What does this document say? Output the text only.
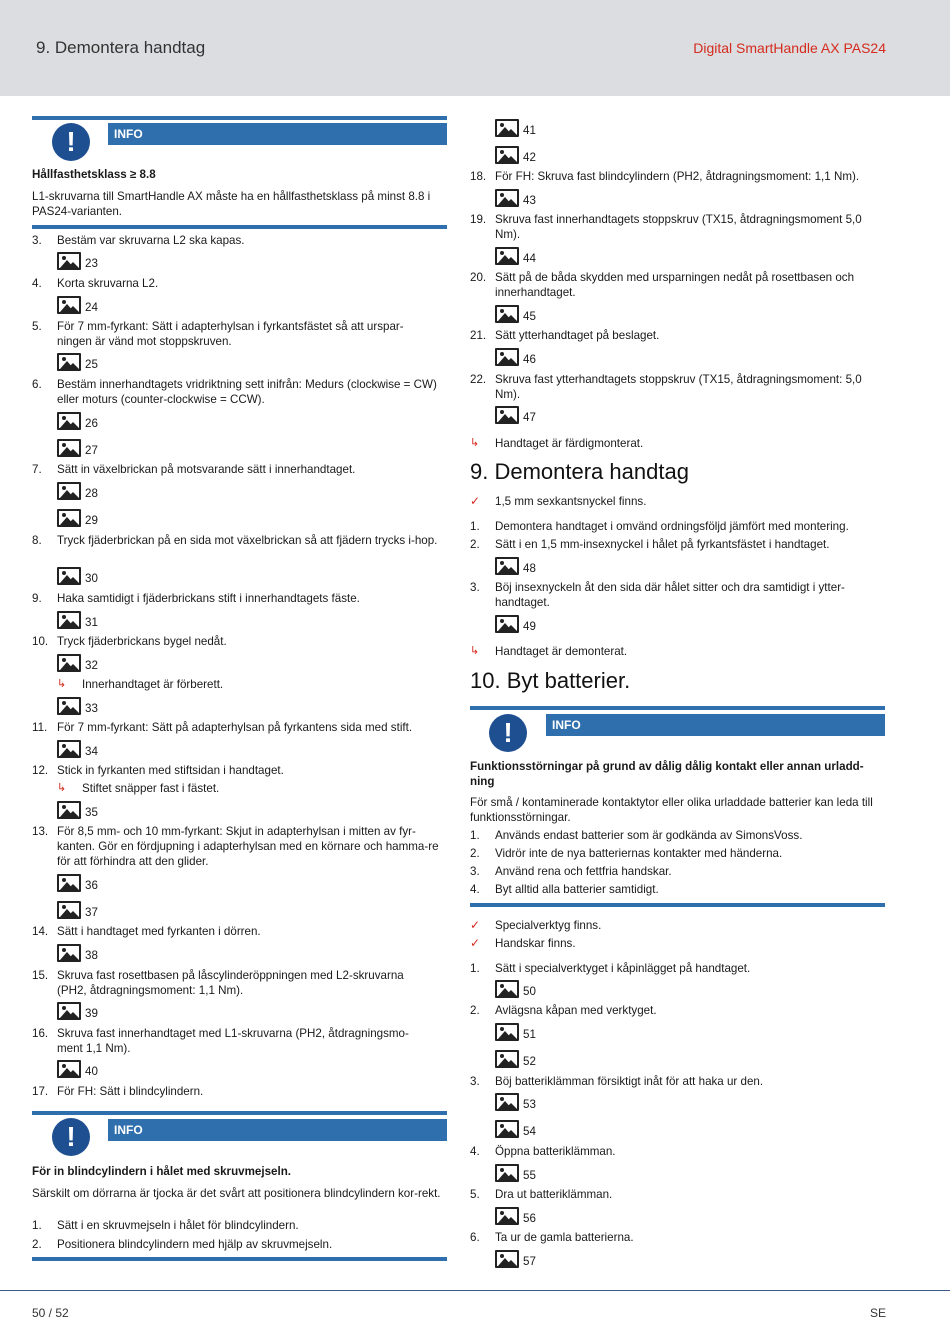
9. Demontera handtag	Digital SmartHandle AX PAS24
!	INFO
Hållfasthetsklass ≥ 8.8
L1-skruvarna till SmartHandle AX måste ha en hållfasthetsklass på minst 8.8 i PAS24-varianten.
3.	Bestäm var skruvarna L2 ska kapas.
23
4.	Korta skruvarna L2.
24
5.	För 7 mm-fyrkant: Sätt i adapterhylsan i fyrkantsfästet så att urspar-ningen är vänd mot stoppskruven.
25
6.	Bestäm innerhandtagets vridriktning sett inifrån: Medurs (clockwise = CW) eller moturs (counter-clockwise = CCW).
26
27
7.	Sätt in växelbrickan på motsvarande sätt i innerhandtaget.
28
29
8.	Tryck fjäderbrickan på en sida mot växelbrickan så att fjädern trycks i-hop.
30
9.	Haka samtidigt i fjäderbrickans stift i innerhandtagets fäste.
31
10. Tryck fjäderbrickans bygel nedåt.
32
↳ Innerhandtaget är förberett.
33
11. För 7 mm-fyrkant: Sätt på adapterhylsan på fyrkantens sida med stift.
34
12. Stick in fyrkanten med stiftsidan i handtaget.
↳ Stiftet snäpper fast i fästet.
35
13. För 8,5 mm- och 10 mm-fyrkant: Skjut in adapterhylsan i mitten av fyr-kanten. Gör en fördjupning i adapterhylsan med en körnare och hamma-re för att förhindra att den glider.
36
37
14. Sätt i handtaget med fyrkanten i dörren.
38
15. Skruva fast rosettbasen på låscylinderöppningen med L2-skruvarna (PH2, åtdragningsmoment: 1,1 Nm).
39
16. Skruva fast innerhandtaget med L1-skruvarna (PH2, åtdragningsmo-ment 1,1 Nm).
40
17. För FH: Sätt i blindcylindern.
!	INFO
För in blindcylindern i hålet med skruvmejseln.
Särskilt om dörrarna är tjocka är det svårt att positionera blindcylindern kor-rekt.
1.	Sätt i en skruvmejseln i hålet för blindcylindern.
2.	Positionera blindcylindern med hjälp av skruvmejseln.
41
42
18. För FH: Skruva fast blindcylindern (PH2, åtdragningsmoment: 1,1 Nm).
43
19. Skruva fast innerhandtagets stoppskruv (TX15, åtdragningsmoment 5,0 Nm).
44
20. Sätt på de båda skydden med ursparningen nedåt på rosettbasen och innerhandtaget.
45
21. Sätt ytterhandtaget på beslaget.
46
22. Skruva fast ytterhandtagets stoppskruv (TX15, åtdragningsmoment: 5,0 Nm).
47
↳ Handtaget är färdigmonterat.
9. Demontera handtag
✓ 1,5 mm sexkantsnyckel finns.
1.	Demontera handtaget i omvänd ordningsföljd jämfört med montering.
2.	Sätt i en 1,5 mm-insexnyckel i hålet på fyrkantsfästet i handtaget.
48
3.	Böj insexnyckeln åt den sida där hålet sitter och dra samtidigt i ytter-handtaget.
49
↳ Handtaget är demonterat.
10. Byt batterier.
!	INFO
Funktionsstörningar på grund av dålig dålig kontakt eller annan urladd-ning
För små / kontaminerade kontaktytor eller olika urladdade batterier kan leda till funktionsstörningar.
1.	Används endast batterier som är godkända av SimonsVoss.
2.	Vidrör inte de nya batteriernas kontakter med händerna.
3.	Använd rena och fettfria handskar.
4.	Byt alltid alla batterier samtidigt.
✓ Specialverktyg finns.
✓ Handskar finns.
1.	Sätt i specialverktyget i kåpinlägget på handtaget.
50
2.	Avlägsna kåpan med verktyget.
51
52
3.	Böj batteriklämman försiktigt inåt för att haka ur den.
53
54
4.	Öppna batteriklämman.
55
5.	Dra ut batteriklämman.
56
6.	Ta ur de gamla batterierna.
57
50 / 52	SE
